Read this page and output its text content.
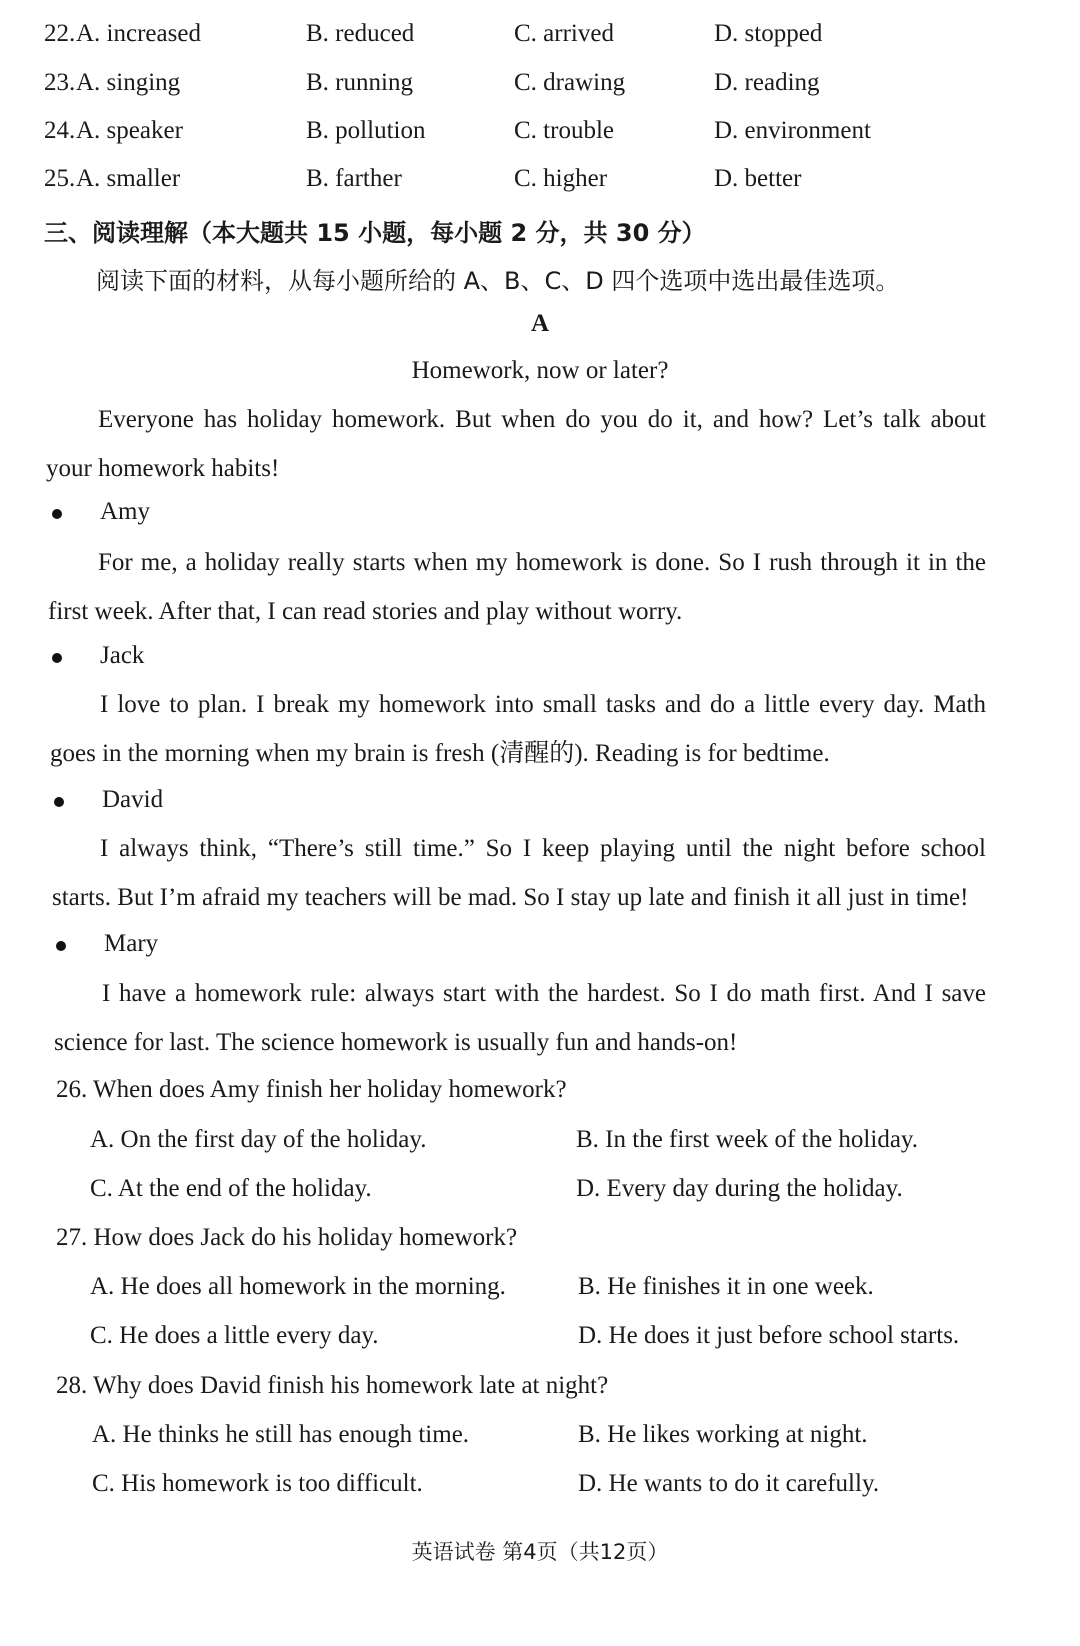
22. A. increased	B. reduced	C. arrived	D. stopped
23. A. singing	B. running	C. drawing	D. reading
24. A. speaker	B. pollution	C. trouble	D. environment
25. A. smaller	B. farther	C. higher	D. better
三、阅读理解（本大题共 15 小题，每小题 2 分，共 30 分）
阅读下面的材料，从每小题所给的 A、B、C、D 四个选项中选出最佳选项。
A
Homework, now or later?
Everyone has holiday homework. But when do you do it, and how? Let’s talk about your homework habits!
Amy
For me, a holiday really starts when my homework is done. So I rush through it in the first week. After that, I can read stories and play without worry.
Jack
I love to plan. I break my homework into small tasks and do a little every day. Math goes in the morning when my brain is fresh (清醒的). Reading is for bedtime.
David
I always think, “There’s still time.” So I keep playing until the night before school starts. But I’m afraid my teachers will be mad. So I stay up late and finish it all just in time!
Mary
I have a homework rule: always start with the hardest. So I do math first. And I save science for last. The science homework is usually fun and hands-on!
26. When does Amy finish her holiday homework?
A. On the first day of the holiday.	B. In the first week of the holiday.
C. At the end of the holiday.	D. Every day during the holiday.
27. How does Jack do his holiday homework?
A. He does all homework in the morning.	B. He finishes it in one week.
C. He does a little every day.	D. He does it just before school starts.
28. Why does David finish his homework late at night?
A. He thinks he still has enough time.	B. He likes working at night.
C. His homework is too difficult.	D. He wants to do it carefully.
英语试卷 第4页（共12页）
